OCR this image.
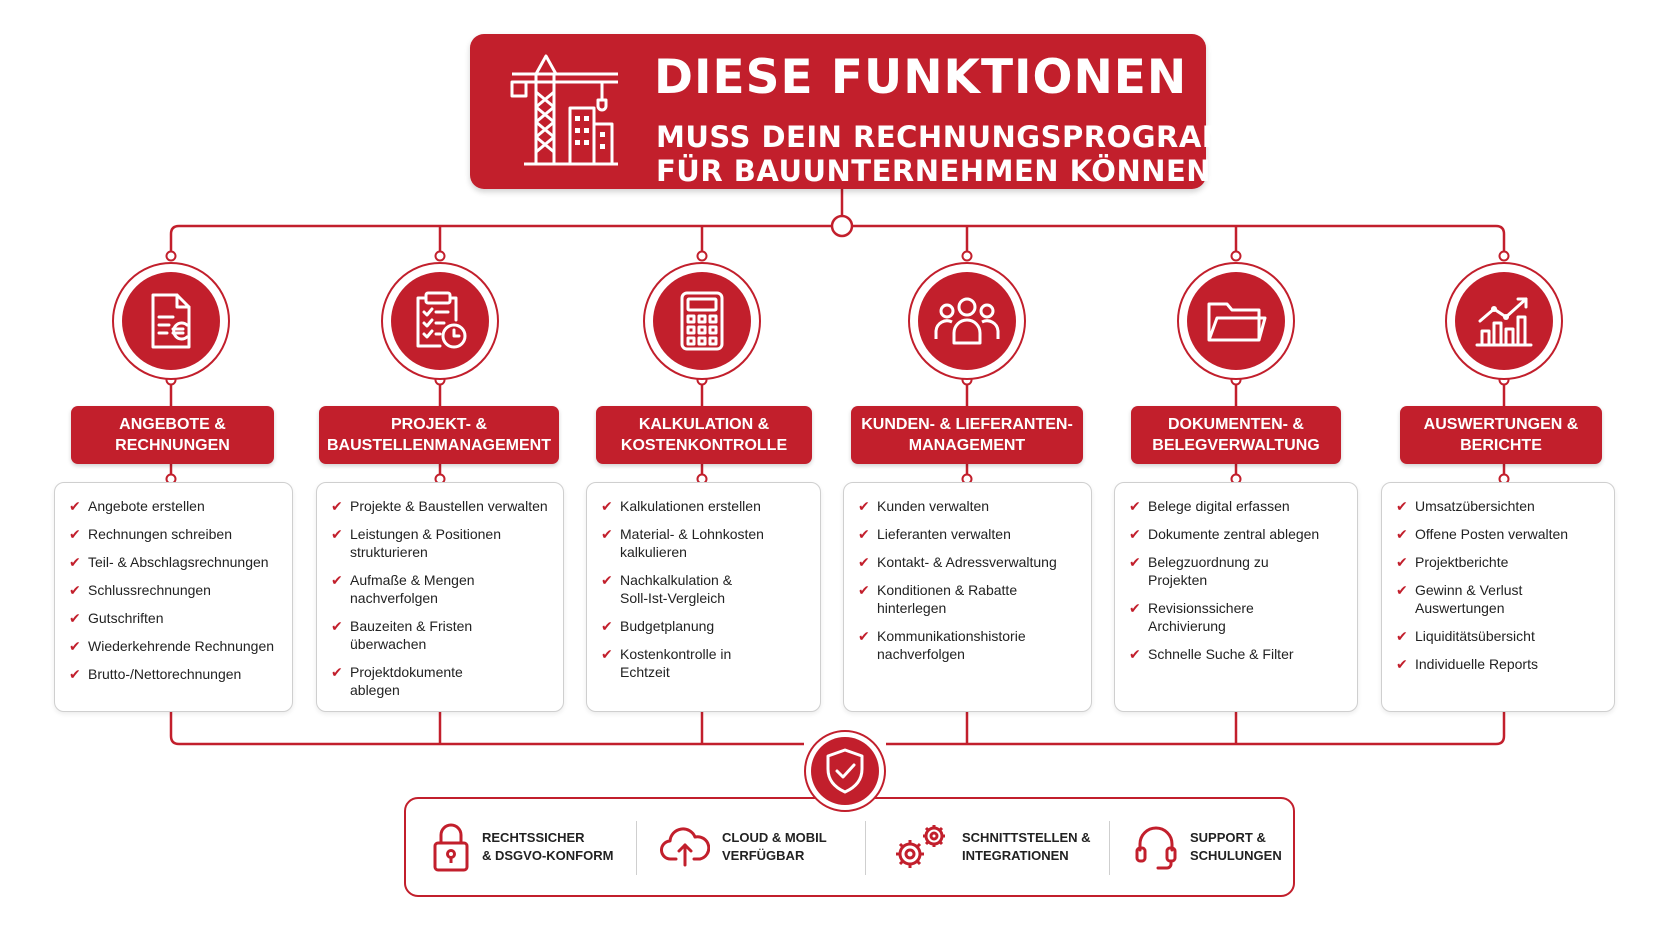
DIESE FUNKTIONEN
MUSS DEIN RECHNUNGSPROGRAMM
FÜR BAUUNTERNEHMEN KÖNNEN
ANGEBOTE &
RECHNUNGEN
PROJEKT- &
BAUSTELLENMANAGEMENT
KALKULATION &
KOSTENKONTROLLE
KUNDEN- & LIEFERANTEN-
MANAGEMENT
DOKUMENTEN- &
BELEGVERWALTUNG
AUSWERTUNGEN &
BERICHTE
✔ Angebote erstellen
✔ Rechnungen schreiben
✔ Teil- & Abschlagsrechnungen
✔ Schlussrechnungen
✔ Gutschriften
✔ Wiederkehrende Rechnungen
✔ Brutto-/Nettorechnungen
✔ Projekte & Baustellen verwalten
✔ Leistungen & Positionen
strukturieren
✔ Aufmaße & Mengen
nachverfolgen
✔ Bauzeiten & Fristen
überwachen
✔ Projektdokumente
ablegen
✔ Kalkulationen erstellen
✔ Material- & Lohnkosten
kalkulieren
✔ Nachkalkulation &
Soll-Ist-Vergleich
✔ Budgetplanung
✔ Kostenkontrolle in
Echtzeit
✔ Kunden verwalten
✔ Lieferanten verwalten
✔ Kontakt- & Adressverwaltung
✔ Konditionen & Rabatte
hinterlegen
✔ Kommunikationshistorie
nachverfolgen
✔ Belege digital erfassen
✔ Dokumente zentral ablegen
✔ Belegzuordnung zu
Projekten
✔ Revisionssichere
Archivierung
✔ Schnelle Suche & Filter
✔ Umsatzübersichten
✔ Offene Posten verwalten
✔ Projektberichte
✔ Gewinn & Verlust
Auswertungen
✔ Liquiditätsübersicht
✔ Individuelle Reports
RECHTSSICHER
& DSGVO-KONFORM
CLOUD & MOBIL
VERFÜGBAR
SCHNITTSTELLEN &
INTEGRATIONEN
SUPPORT &
SCHULUNGEN
